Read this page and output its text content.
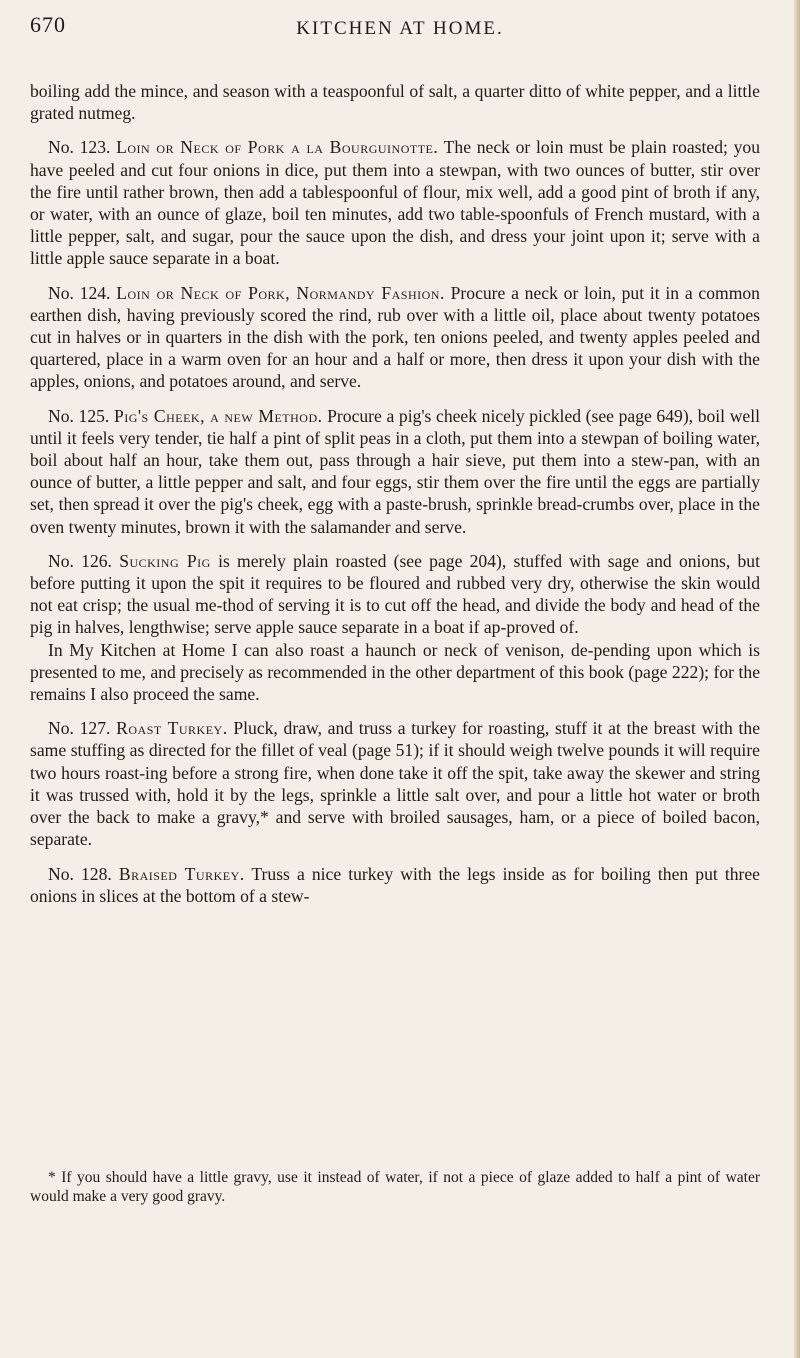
670	KITCHEN AT HOME.

boiling add the mince, and season with a teaspoonful of salt, a quarter ditto of white pepper, and a little grated nutmeg.

No. 123. Loin or Neck of Pork a la Bourguinotte. The neck or loin must be plain roasted; you have peeled and cut four onions in dice, put them into a stewpan, with two ounces of butter, stir over the fire until rather brown, then add a tablespoonful of flour, mix well, add a good pint of broth if any, or water, with an ounce of glaze, boil ten minutes, add two table-spoonfuls of French mustard, with a little pepper, salt, and sugar, pour the sauce upon the dish, and dress your joint upon it; serve with a little apple sauce separate in a boat.

No. 124. Loin or Neck of Pork, Normandy Fashion. Procure a neck or loin, put it in a common earthen dish, having previously scored the rind, rub over with a little oil, place about twenty potatoes cut in halves or in quarters in the dish with the pork, ten onions peeled, and twenty apples peeled and quartered, place in a warm oven for an hour and a half or more, then dress it upon your dish with the apples, onions, and potatoes around, and serve.

No. 125. Pig's Cheek, a new Method. Procure a pig's cheek nicely pickled (see page 649), boil well until it feels very tender, tie half a pint of split peas in a cloth, put them into a stewpan of boiling water, boil about half an hour, take them out, pass through a hair sieve, put them into a stew-pan, with an ounce of butter, a little pepper and salt, and four eggs, stir them over the fire until the eggs are partially set, then spread it over the pig's cheek, egg with a paste-brush, sprinkle bread-crumbs over, place in the oven twenty minutes, brown it with the salamander and serve.

No. 126. Sucking Pig is merely plain roasted (see page 204), stuffed with sage and onions, but before putting it upon the spit it requires to be floured and rubbed very dry, otherwise the skin would not eat crisp; the usual me-thod of serving it is to cut off the head, and divide the body and head of the pig in halves, lengthwise; serve apple sauce separate in a boat if ap-proved of.

In My Kitchen at Home I can also roast a haunch or neck of venison, de-pending upon which is presented to me, and precisely as recommended in the other department of this book (page 222); for the remains I also proceed the same.

No. 127. Roast Turkey. Pluck, draw, and truss a turkey for roasting, stuff it at the breast with the same stuffing as directed for the fillet of veal (page 51); if it should weigh twelve pounds it will require two hours roast-ing before a strong fire, when done take it off the spit, take away the skewer and string it was trussed with, hold it by the legs, sprinkle a little salt over, and pour a little hot water or broth over the back to make a gravy,* and serve with broiled sausages, ham, or a piece of boiled bacon, separate.

No. 128. Braised Turkey. Truss a nice turkey with the legs inside as for boiling then put three onions in slices at the bottom of a stew-

* If you should have a little gravy, use it instead of water, if not a piece of glaze added to half a pint of water would make a very good gravy.
